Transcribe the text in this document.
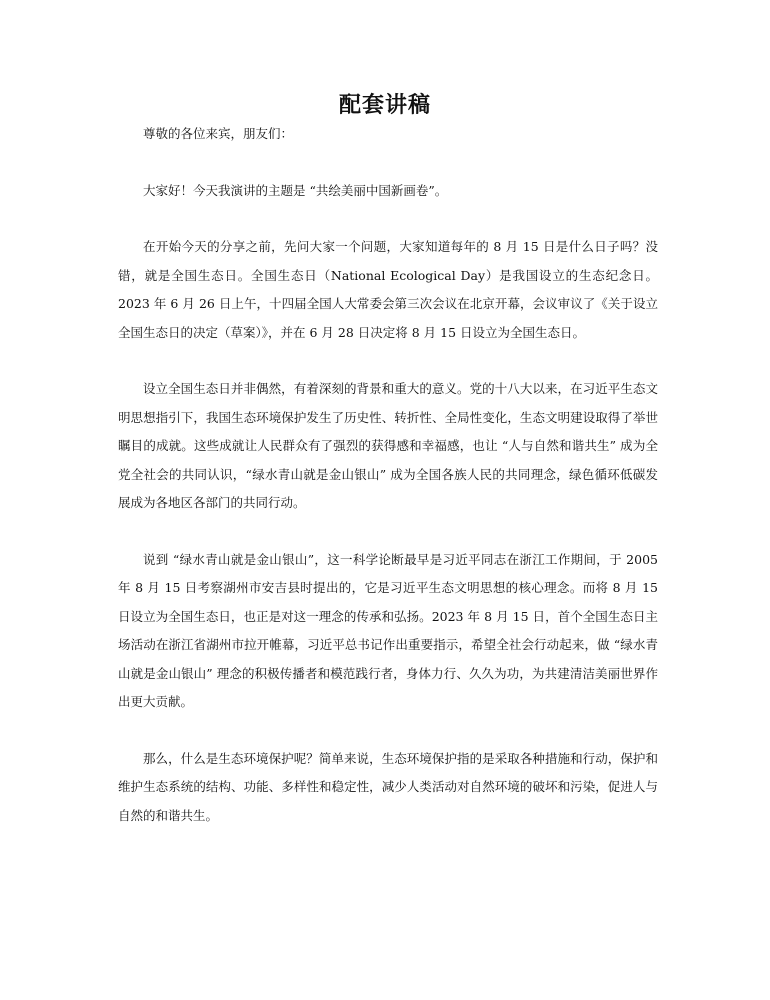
配套讲稿

尊敬的各位来宾，朋友们：

大家好！今天我演讲的主题是 “共绘美丽中国新画卷”。

在开始今天的分享之前，先问大家一个问题，大家知道每年的 8 月 15 日是什么日子吗？没错，就是全国生态日。全国生态日（National Ecological Day）是我国设立的生态纪念日。2023 年 6 月 26 日上午，十四届全国人大常委会第三次会议在北京开幕，会议审议了《关于设立全国生态日的决定（草案）》，并在 6 月 28 日决定将 8 月 15 日设立为全国生态日。

设立全国生态日并非偶然，有着深刻的背景和重大的意义。党的十八大以来，在习近平生态文明思想指引下，我国生态环境保护发生了历史性、转折性、全局性变化，生态文明建设取得了举世瞩目的成就。这些成就让人民群众有了强烈的获得感和幸福感，也让 “人与自然和谐共生” 成为全党全社会的共同认识，“绿水青山就是金山银山” 成为全国各族人民的共同理念，绿色循环低碳发展成为各地区各部门的共同行动。

说到 “绿水青山就是金山银山”，这一科学论断最早是习近平同志在浙江工作期间，于 2005 年 8 月 15 日考察湖州市安吉县时提出的，它是习近平生态文明思想的核心理念。而将 8 月 15 日设立为全国生态日，也正是对这一理念的传承和弘扬。2023 年 8 月 15 日，首个全国生态日主场活动在浙江省湖州市拉开帷幕，习近平总书记作出重要指示，希望全社会行动起来，做 “绿水青山就是金山银山” 理念的积极传播者和模范践行者，身体力行、久久为功，为共建清洁美丽世界作出更大贡献。

那么，什么是生态环境保护呢？简单来说，生态环境保护指的是采取各种措施和行动，保护和维护生态系统的结构、功能、多样性和稳定性，减少人类活动对自然环境的破坏和污染，促进人与自然的和谐共生。
